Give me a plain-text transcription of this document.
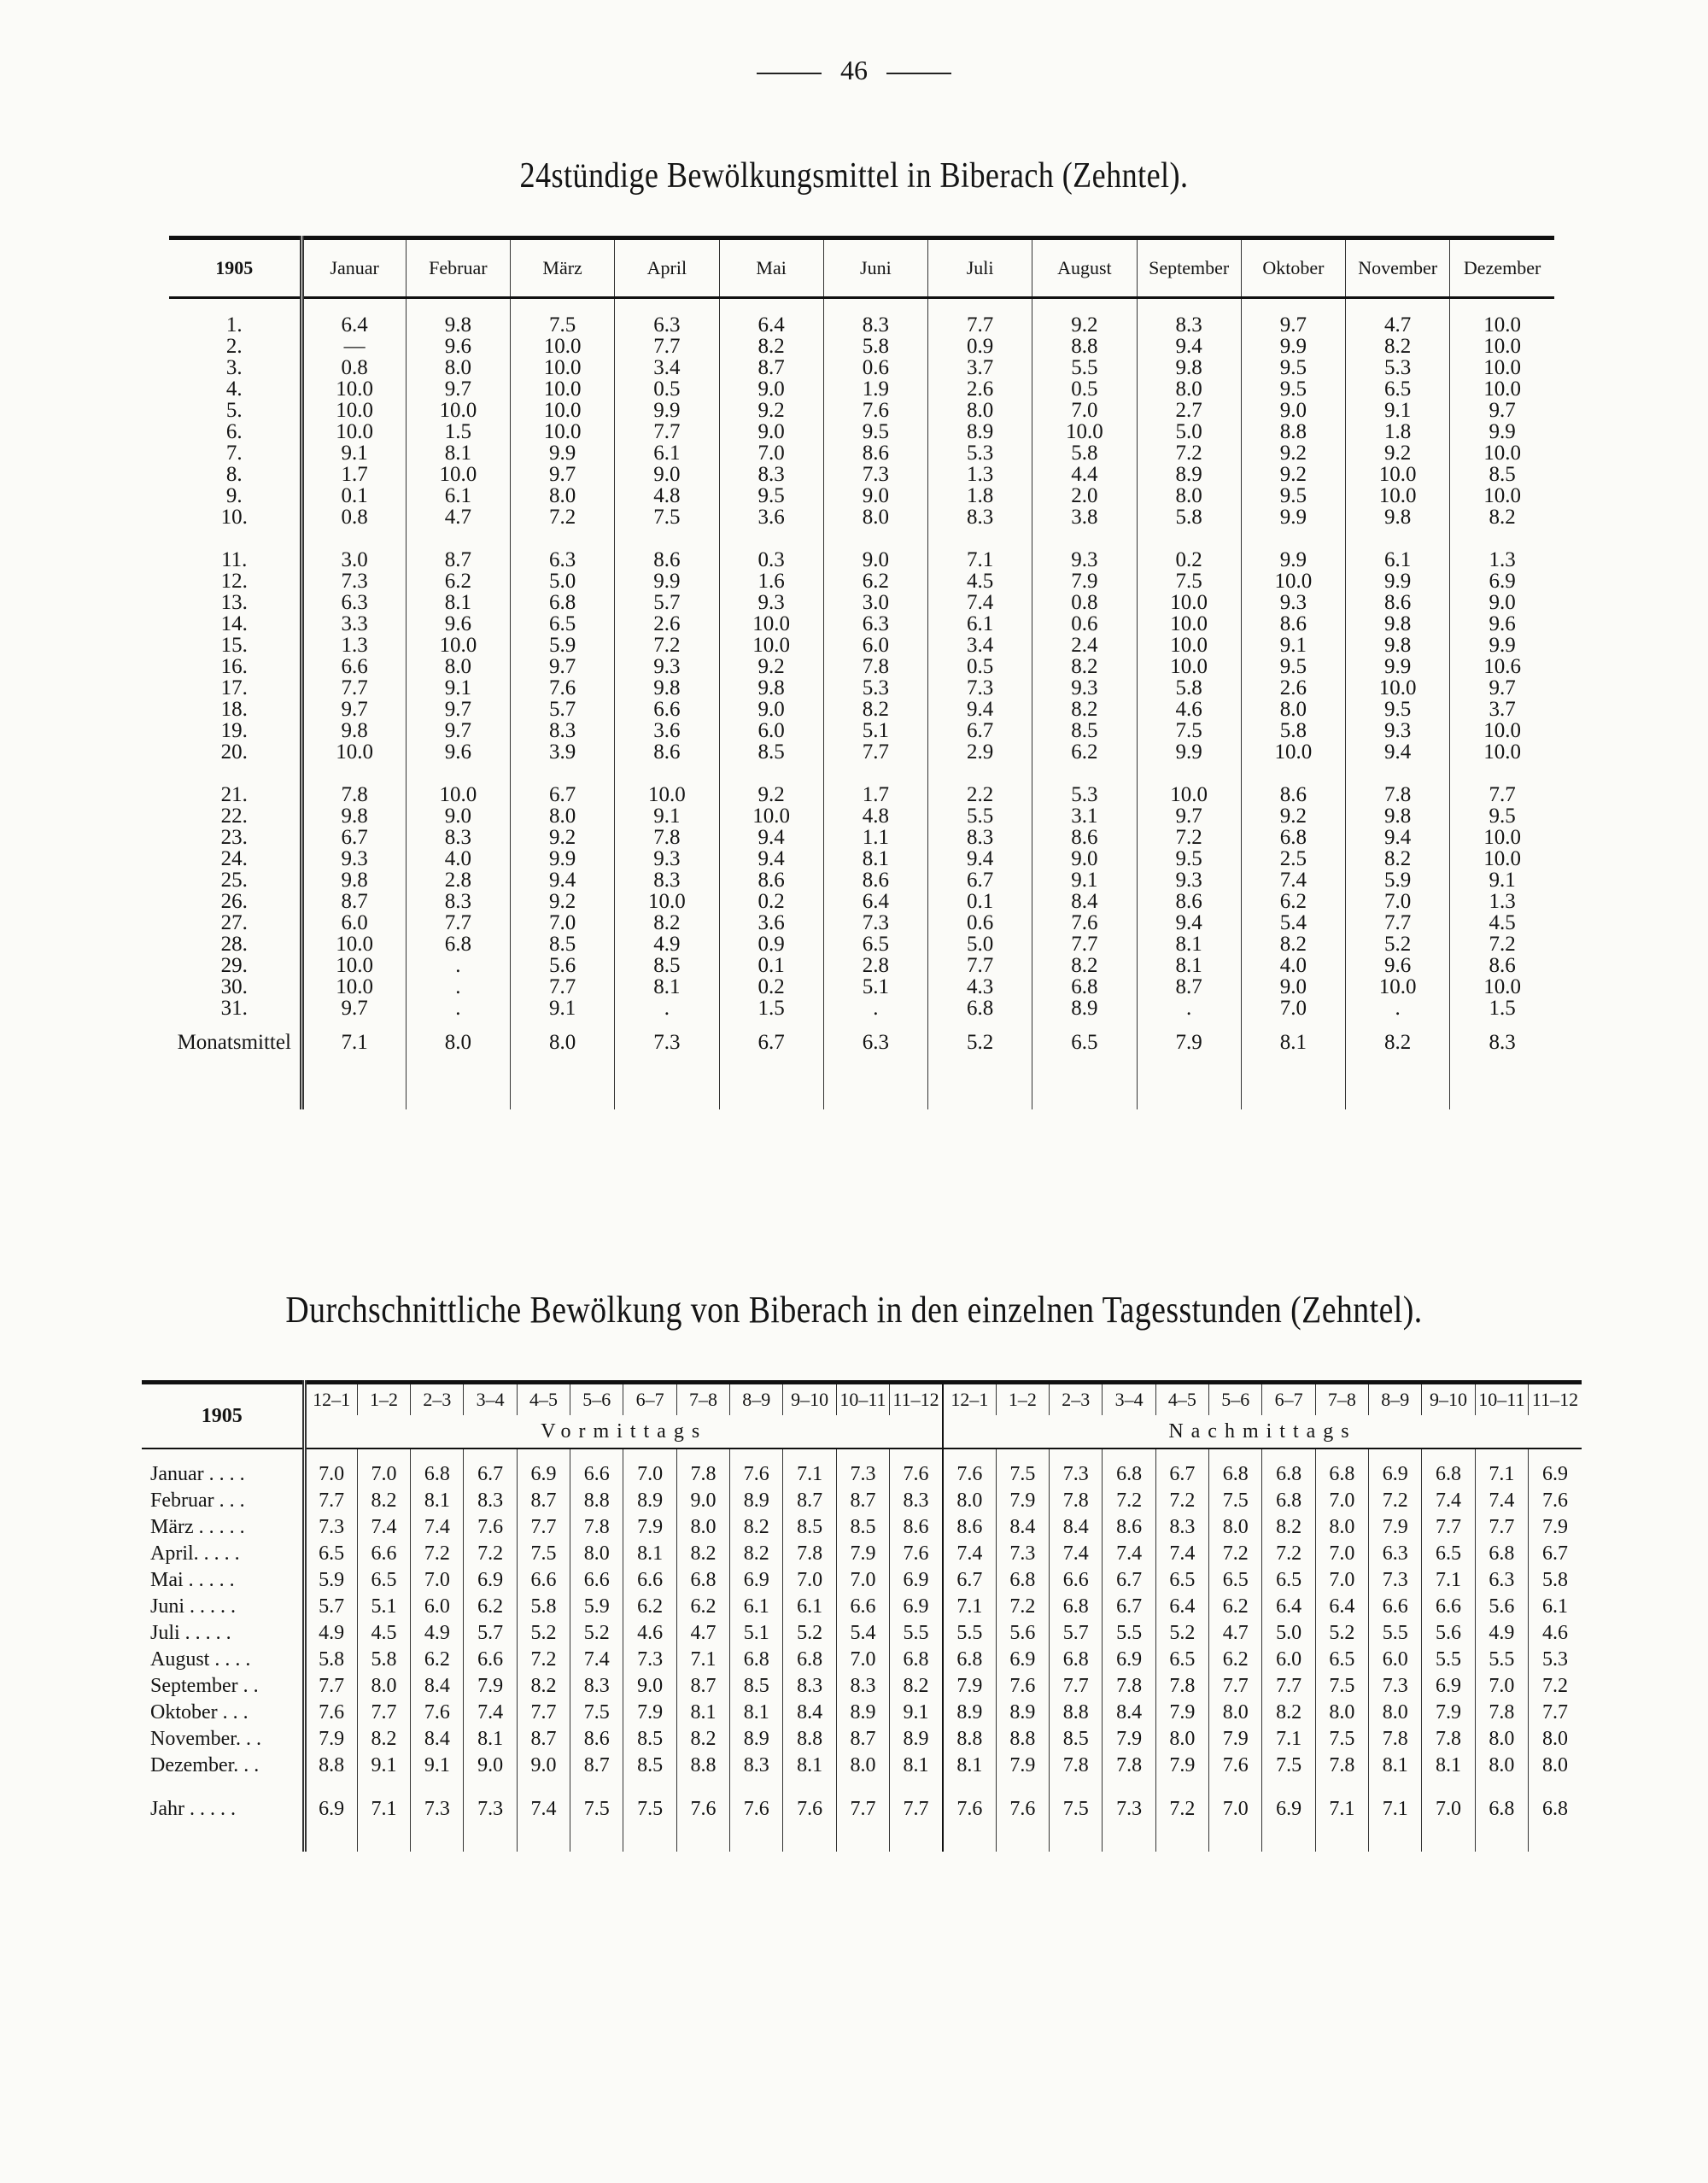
46
24stündige Bewölkungsmittel in Biberach (Zehntel).
1905	Januar	Februar	März	April	Mai	Juni	Juli	August	September	Oktober	November	Dezember
1.	6.4	9.8	7.5	6.3	6.4	8.3	7.7	9.2	8.3	9.7	4.7	10.0
2.	—	9.6	10.0	7.7	8.2	5.8	0.9	8.8	9.4	9.9	8.2	10.0
3.	0.8	8.0	10.0	3.4	8.7	0.6	3.7	5.5	9.8	9.5	5.3	10.0
4.	10.0	9.7	10.0	0.5	9.0	1.9	2.6	0.5	8.0	9.5	6.5	10.0
5.	10.0	10.0	10.0	9.9	9.2	7.6	8.0	7.0	2.7	9.0	9.1	9.7
6.	10.0	1.5	10.0	7.7	9.0	9.5	8.9	10.0	5.0	8.8	1.8	9.9
7.	9.1	8.1	9.9	6.1	7.0	8.6	5.3	5.8	7.2	9.2	9.2	10.0
8.	1.7	10.0	9.7	9.0	8.3	7.3	1.3	4.4	8.9	9.2	10.0	8.5
9.	0.1	6.1	8.0	4.8	9.5	9.0	1.8	2.0	8.0	9.5	10.0	10.0
10.	0.8	4.7	7.2	7.5	3.6	8.0	8.3	3.8	5.8	9.9	9.8	8.2

11.	3.0	8.7	6.3	8.6	0.3	9.0	7.1	9.3	0.2	9.9	6.1	1.3
12.	7.3	6.2	5.0	9.9	1.6	6.2	4.5	7.9	7.5	10.0	9.9	6.9
13.	6.3	8.1	6.8	5.7	9.3	3.0	7.4	0.8	10.0	9.3	8.6	9.0
14.	3.3	9.6	6.5	2.6	10.0	6.3	6.1	0.6	10.0	8.6	9.8	9.6
15.	1.3	10.0	5.9	7.2	10.0	6.0	3.4	2.4	10.0	9.1	9.8	9.9
16.	6.6	8.0	9.7	9.3	9.2	7.8	0.5	8.2	10.0	9.5	9.9	10.6
17.	7.7	9.1	7.6	9.8	9.8	5.3	7.3	9.3	5.8	2.6	10.0	9.7
18.	9.7	9.7	5.7	6.6	9.0	8.2	9.4	8.2	4.6	8.0	9.5	3.7
19.	9.8	9.7	8.3	3.6	6.0	5.1	6.7	8.5	7.5	5.8	9.3	10.0
20.	10.0	9.6	3.9	8.6	8.5	7.7	2.9	6.2	9.9	10.0	9.4	10.0

21.	7.8	10.0	6.7	10.0	9.2	1.7	2.2	5.3	10.0	8.6	7.8	7.7
22.	9.8	9.0	8.0	9.1	10.0	4.8	5.5	3.1	9.7	9.2	9.8	9.5
23.	6.7	8.3	9.2	7.8	9.4	1.1	8.3	8.6	7.2	6.8	9.4	10.0
24.	9.3	4.0	9.9	9.3	9.4	8.1	9.4	9.0	9.5	2.5	8.2	10.0
25.	9.8	2.8	9.4	8.3	8.6	8.6	6.7	9.1	9.3	7.4	5.9	9.1
26.	8.7	8.3	9.2	10.0	0.2	6.4	0.1	8.4	8.6	6.2	7.0	1.3
27.	6.0	7.7	7.0	8.2	3.6	7.3	0.6	7.6	9.4	5.4	7.7	4.5
28.	10.0	6.8	8.5	4.9	0.9	6.5	5.0	7.7	8.1	8.2	5.2	7.2
29.	10.0	.	5.6	8.5	0.1	2.8	7.7	8.2	8.1	4.0	9.6	8.6
30.	10.0	.	7.7	8.1	0.2	5.1	4.3	6.8	8.7	9.0	10.0	10.0
31.	9.7	.	9.1	.	1.5	.	6.8	8.9	.	7.0	.	1.5
Monatsmittel	7.1	8.0	8.0	7.3	6.7	6.3	5.2	6.5	7.9	8.1	8.2	8.3

Durchschnittliche Bewölkung von Biberach in den einzelnen Tagesstunden (Zehntel).
1905	12–1	1–2	2–3	3–4	4–5	5–6	6–7	7–8	8–9	9–10	10–11	11–12	12–1	1–2	2–3	3–4	4–5	5–6	6–7	7–8	8–9	9–10	10–11	11–12
	Vormittags												Nachmittags											
Januar . . . .	7.0	7.0	6.8	6.7	6.9	6.6	7.0	7.8	7.6	7.1	7.3	7.6	7.6	7.5	7.3	6.8	6.7	6.8	6.8	6.8	6.9	6.8	7.1	6.9
Februar . . .	7.7	8.2	8.1	8.3	8.7	8.8	8.9	9.0	8.9	8.7	8.7	8.3	8.0	7.9	7.8	7.2	7.2	7.5	6.8	7.0	7.2	7.4	7.4	7.6
März . . . . .	7.3	7.4	7.4	7.6	7.7	7.8	7.9	8.0	8.2	8.5	8.5	8.6	8.6	8.4	8.4	8.6	8.3	8.0	8.2	8.0	7.9	7.7	7.7	7.9
April. . . . .	6.5	6.6	7.2	7.2	7.5	8.0	8.1	8.2	8.2	7.8	7.9	7.6	7.4	7.3	7.4	7.4	7.4	7.2	7.2	7.0	6.3	6.5	6.8	6.7
Mai . . . . .	5.9	6.5	7.0	6.9	6.6	6.6	6.6	6.8	6.9	7.0	7.0	6.9	6.7	6.8	6.6	6.7	6.5	6.5	6.5	7.0	7.3	7.1	6.3	5.8
Juni . . . . .	5.7	5.1	6.0	6.2	5.8	5.9	6.2	6.2	6.1	6.1	6.6	6.9	7.1	7.2	6.8	6.7	6.4	6.2	6.4	6.4	6.6	6.6	5.6	6.1
Juli . . . . .	4.9	4.5	4.9	5.7	5.2	5.2	4.6	4.7	5.1	5.2	5.4	5.5	5.5	5.6	5.7	5.5	5.2	4.7	5.0	5.2	5.5	5.6	4.9	4.6
August . . . .	5.8	5.8	6.2	6.6	7.2	7.4	7.3	7.1	6.8	6.8	7.0	6.8	6.8	6.9	6.8	6.9	6.5	6.2	6.0	6.5	6.0	5.5	5.5	5.3
September . .	7.7	8.0	8.4	7.9	8.2	8.3	9.0	8.7	8.5	8.3	8.3	8.2	7.9	7.6	7.7	7.8	7.8	7.7	7.7	7.5	7.3	6.9	7.0	7.2
Oktober . . .	7.6	7.7	7.6	7.4	7.7	7.5	7.9	8.1	8.1	8.4	8.9	9.1	8.9	8.9	8.8	8.4	7.9	8.0	8.2	8.0	8.0	7.9	7.8	7.7
November. . .	7.9	8.2	8.4	8.1	8.7	8.6	8.5	8.2	8.9	8.8	8.7	8.9	8.8	8.8	8.5	7.9	8.0	7.9	7.1	7.5	7.8	7.8	8.0	8.0
Dezember. . .	8.8	9.1	9.1	9.0	9.0	8.7	8.5	8.8	8.3	8.1	8.0	8.1	8.1	7.9	7.8	7.8	7.9	7.6	7.5	7.8	8.1	8.1	8.0	8.0

Jahr . . . . .	6.9	7.1	7.3	7.3	7.4	7.5	7.5	7.6	7.6	7.6	7.7	7.7	7.6	7.6	7.5	7.3	7.2	7.0	6.9	7.1	7.1	7.0	6.8	6.8
